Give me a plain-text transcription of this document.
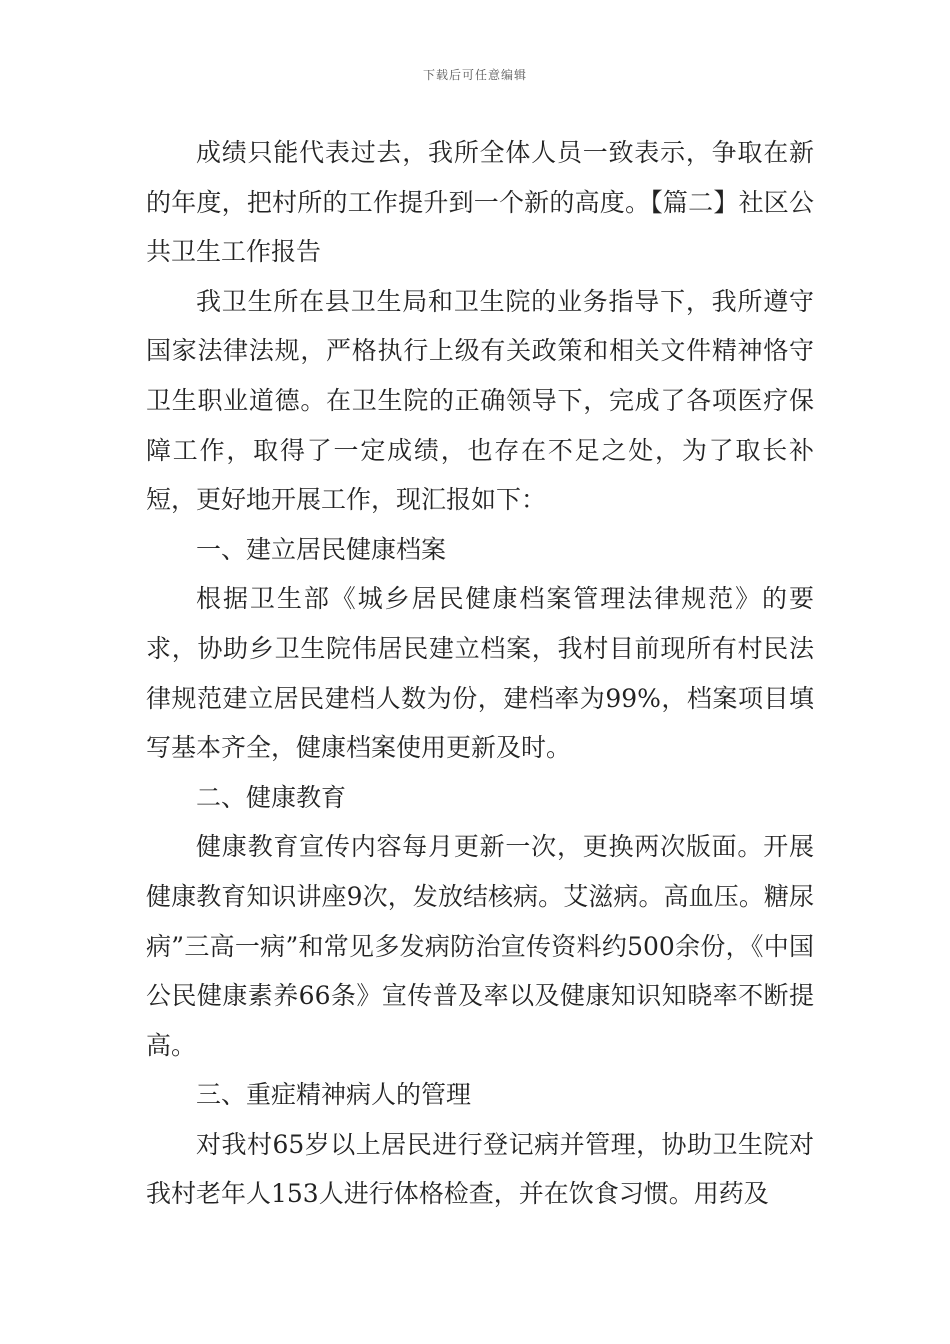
下载后可任意编辑

成绩只能代表过去，我所全体人员一致表示，争取在新的年度，把村所的工作提升到一个新的高度。【篇二】社区公共卫生工作报告

我卫生所在县卫生局和卫生院的业务指导下，我所遵守国家法律法规，严格执行上级有关政策和相关文件精神恪守卫生职业道德。在卫生院的正确领导下，完成了各项医疗保障工作，取得了一定成绩，也存在不足之处，为了取长补短，更好地开展工作，现汇报如下：

一、建立居民健康档案

根据卫生部《城乡居民健康档案管理法律规范》的要求，协助乡卫生院伟居民建立档案，我村目前现所有村民法律规范建立居民建档人数为份，建档率为99%，档案项目填写基本齐全，健康档案使用更新及时。

二、健康教育

健康教育宣传内容每月更新一次，更换两次版面。开展健康教育知识讲座9次，发放结核病。艾滋病。高血压。糖尿病”三高一病”和常见多发病防治宣传资料约500余份，《中国公民健康素养66条》宣传普及率以及健康知识知晓率不断提高。

三、重症精神病人的管理

对我村65岁以上居民进行登记病并管理，协助卫生院对我村老年人153人进行体格检查，并在饮食习惯。用药及
